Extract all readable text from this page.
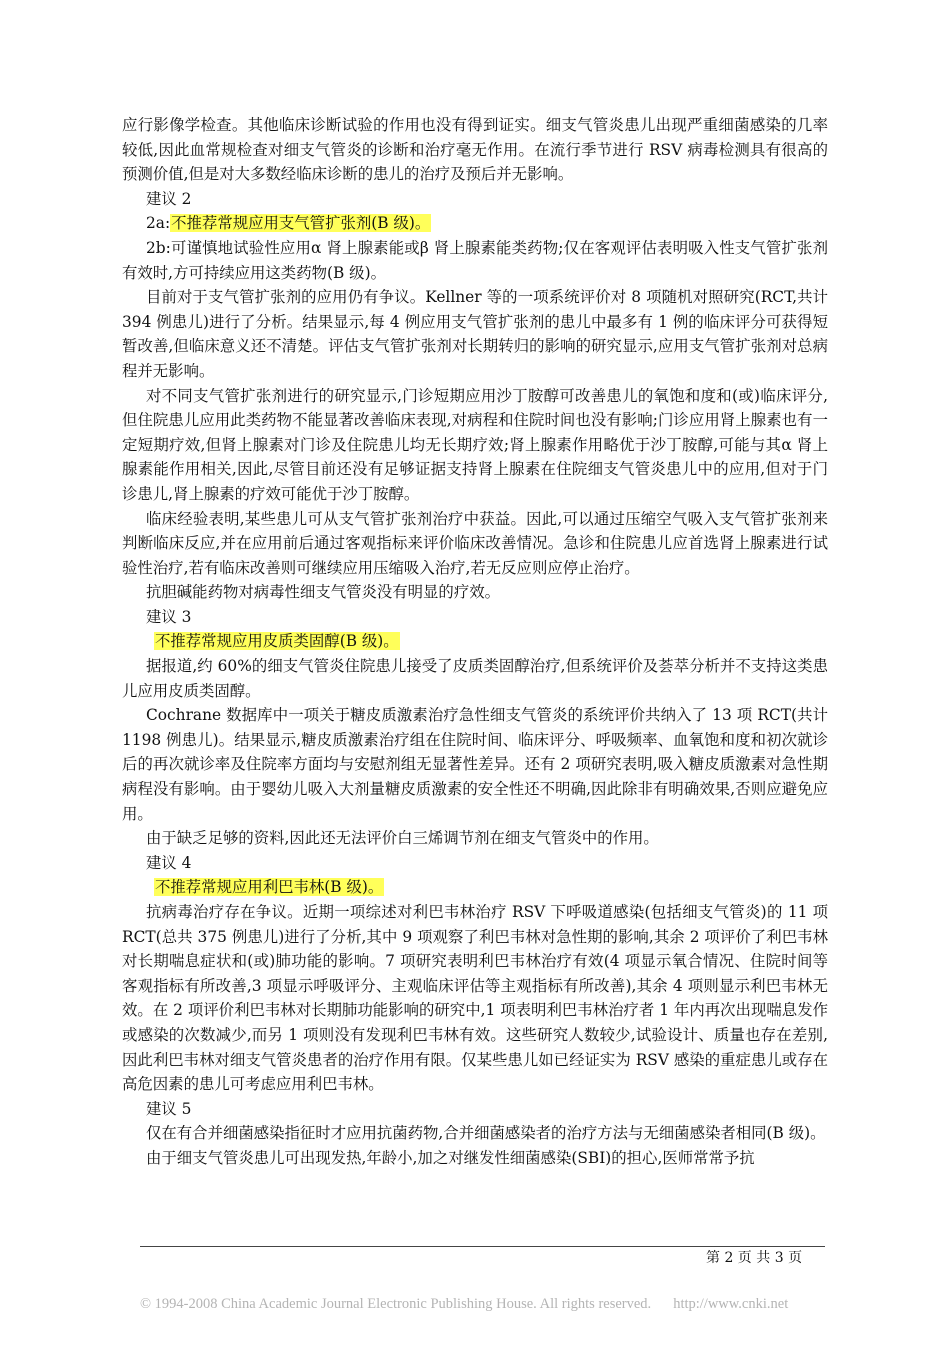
应行影像学检查。其他临床诊断试验的作用也没有得到证实。细支气管炎患儿出现严重细菌感染的几率较低,因此血常规检查对细支气管炎的诊断和治疗毫无作用。在流行季节进行 RSV 病毒检测具有很高的预测价值,但是对大多数经临床诊断的患儿的治疗及预后并无影响。

建议 2

2a:不推荐常规应用支气管扩张剂(B 级)。

2b:可谨慎地试验性应用α 肾上腺素能或β 肾上腺素能类药物;仅在客观评估表明吸入性支气管扩张剂有效时,方可持续应用这类药物(B 级)。

目前对于支气管扩张剂的应用仍有争议。Kellner 等的一项系统评价对 8 项随机对照研究(RCT,共计 394 例患儿)进行了分析。结果显示,每 4 例应用支气管扩张剂的患儿中最多有 1 例的临床评分可获得短暂改善,但临床意义还不清楚。评估支气管扩张剂对长期转归的影响的研究显示,应用支气管扩张剂对总病程并无影响。

对不同支气管扩张剂进行的研究显示,门诊短期应用沙丁胺醇可改善患儿的氧饱和度和(或)临床评分,但住院患儿应用此类药物不能显著改善临床表现,对病程和住院时间也没有影响;门诊应用肾上腺素也有一定短期疗效,但肾上腺素对门诊及住院患儿均无长期疗效;肾上腺素作用略优于沙丁胺醇,可能与其α 肾上腺素能作用相关,因此,尽管目前还没有足够证据支持肾上腺素在住院细支气管炎患儿中的应用,但对于门诊患儿,肾上腺素的疗效可能优于沙丁胺醇。

临床经验表明,某些患儿可从支气管扩张剂治疗中获益。因此,可以通过压缩空气吸入支气管扩张剂来判断临床反应,并在应用前后通过客观指标来评价临床改善情况。急诊和住院患儿应首选肾上腺素进行试验性治疗,若有临床改善则可继续应用压缩吸入治疗,若无反应则应停止治疗。

抗胆碱能药物对病毒性细支气管炎没有明显的疗效。

建议 3

不推荐常规应用皮质类固醇(B 级)。

据报道,约 60%的细支气管炎住院患儿接受了皮质类固醇治疗,但系统评价及荟萃分析并不支持这类患儿应用皮质类固醇。

Cochrane 数据库中一项关于糖皮质激素治疗急性细支气管炎的系统评价共纳入了 13 项 RCT(共计 1198 例患儿)。结果显示,糖皮质激素治疗组在住院时间、临床评分、呼吸频率、血氧饱和度和初次就诊后的再次就诊率及住院率方面均与安慰剂组无显著性差异。还有 2 项研究表明,吸入糖皮质激素对急性期病程没有影响。由于婴幼儿吸入大剂量糖皮质激素的安全性还不明确,因此除非有明确效果,否则应避免应用。

由于缺乏足够的资料,因此还无法评价白三烯调节剂在细支气管炎中的作用。

建议 4

不推荐常规应用利巴韦林(B 级)。

抗病毒治疗存在争议。近期一项综述对利巴韦林治疗 RSV 下呼吸道感染(包括细支气管炎)的 11 项 RCT(总共 375 例患儿)进行了分析,其中 9 项观察了利巴韦林对急性期的影响,其余 2 项评价了利巴韦林对长期喘息症状和(或)肺功能的影响。7 项研究表明利巴韦林治疗有效(4 项显示氧合情况、住院时间等客观指标有所改善,3 项显示呼吸评分、主观临床评估等主观指标有所改善),其余 4 项则显示利巴韦林无效。在 2 项评价利巴韦林对长期肺功能影响的研究中,1 项表明利巴韦林治疗者 1 年内再次出现喘息发作或感染的次数减少,而另 1 项则没有发现利巴韦林有效。这些研究人数较少,试验设计、质量也存在差别,因此利巴韦林对细支气管炎患者的治疗作用有限。仅某些患儿如已经证实为 RSV 感染的重症患儿或存在高危因素的患儿可考虑应用利巴韦林。

建议 5

仅在有合并细菌感染指征时才应用抗菌药物,合并细菌感染者的治疗方法与无细菌感染者相同(B 级)。

由于细支气管炎患儿可出现发热,年龄小,加之对继发性细菌感染(SBI)的担心,医师常常予抗

第 2 页 共 3 页
© 1994-2008 China Academic Journal Electronic Publishing House. All rights reserved. http://www.cnki.net
